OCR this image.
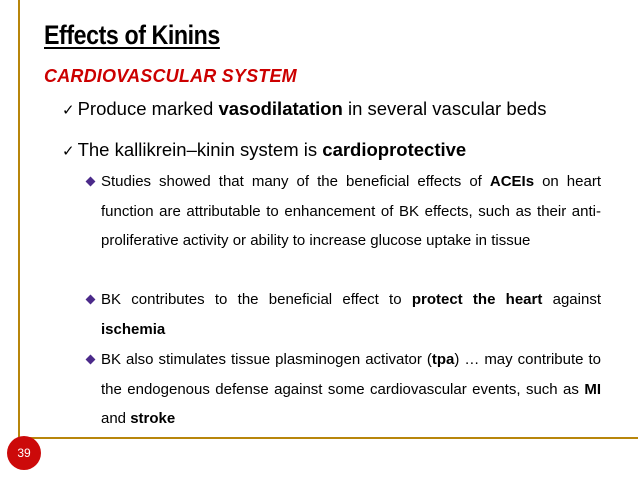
Effects of Kinins
CARDIOVASCULAR SYSTEM
✓ Produce marked vasodilatation in several vascular beds
✓ The kallikrein–kinin system is cardioprotective
Studies showed that many of the beneficial effects of ACEIs on heart function are attributable to enhancement of BK effects, such as their anti-proliferative activity or ability to increase glucose uptake in tissue
BK contributes to the beneficial effect to protect the heart against ischemia
BK also stimulates tissue plasminogen activator (tpa) … may contribute to the endogenous defense against some cardiovascular events, such as MI and stroke
39
